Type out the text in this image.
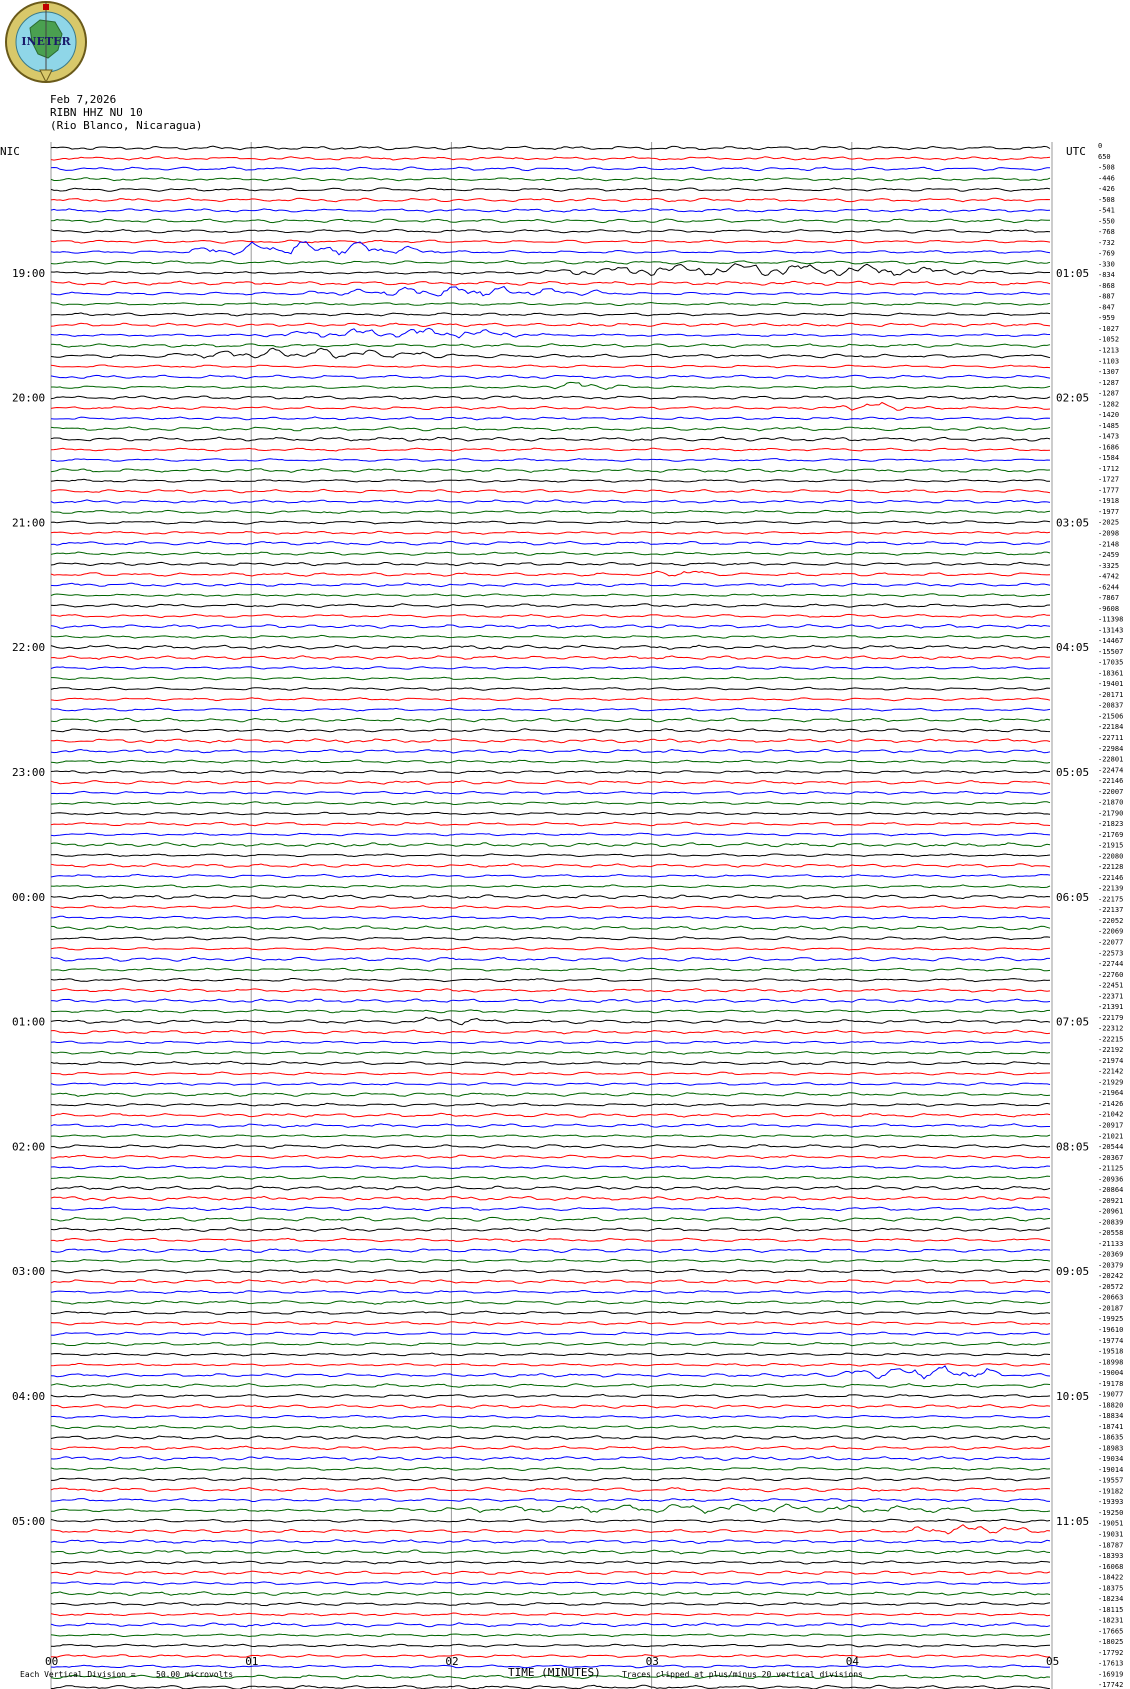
INETER
Feb 7,2026
RIBN HHZ NU 10
(Rio Blanco, Nicaragua)
NIC	UTC
19:00
20:00
21:00
22:00
23:00
00:00
01:00
02:00
03:00
04:00
05:00
01:05
02:05
03:05
04:05
05:05
06:05
07:05
08:05
09:05
10:05
11:05
0
650
-508
-446
-426
-508
-541
-550
-768
-732
-769
-330
-834
-868
-887
-847
-959
-1027
-1052
-1213
-1103
-1307
-1287
-1287
-1282
-1420
-1485
-1473
-1686
-1584
-1712
-1727
-1777
-1918
-1977
-2025
-2098
-2148
-2459
-3325
-4742
-6244
-7867
-9608
-11398
-13143
-14467
-15507
-17035
-18361
-19401
-20171
-20837
-21506
-22184
-22711
-22984
-22801
-22474
-22146
-22007
-21870
-21790
-21823
-21769
-21915
-22080
-22128
-22146
-22139
-22175
-22137
-22052
-22069
-22077
-22573
-22744
-22760
-22451
-22371
-21391
-22179
-22312
-22215
-22192
-21974
-22142
-21929
-21964
-21426
-21042
-20917
-21021
-20544
-20367
-21125
-20936
-20864
-20921
-20961
-20839
-20558
-21133
-20369
-20379
-20242
-20572
-20663
-20187
-19925
-19610
-19774
-19518
-18998
-19004
-19178
-19077
-18820
-18834
-18741
-18635
-18983
-19034
-19014
-19557
-19182
-19393
-19250
-19051
-19031
-18787
-18393
-16068
-18422
-18375
-18234
-18115
-18231
-17665
-18025
-17792
-17613
-16919
-17742
00	01	02	03	04	05
TIME (MINUTES)
Each Vertical Division =	50.00 microvolts	Traces clipped at plus/minus 20 vertical divisions
